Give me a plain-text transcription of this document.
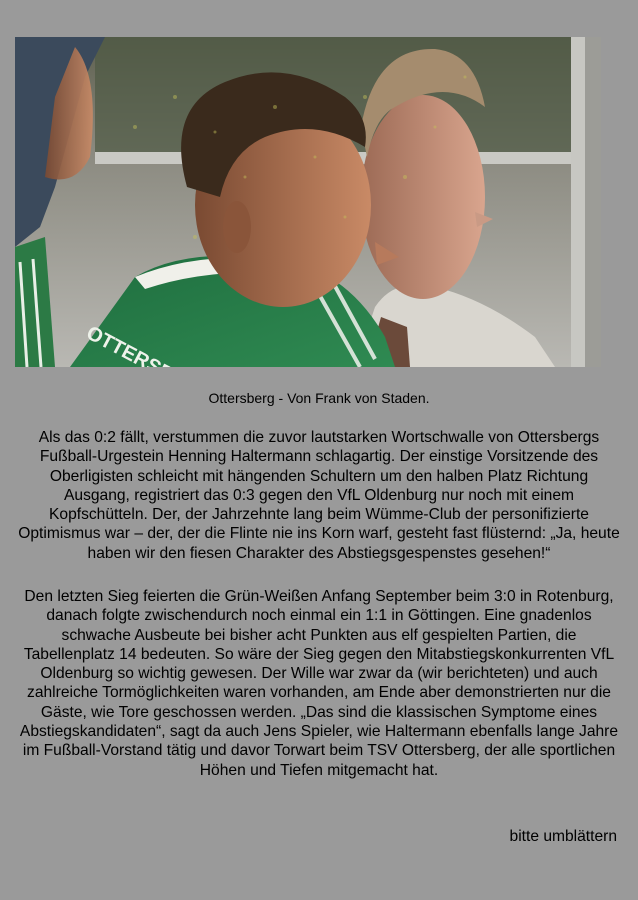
Ottersberg - Von Frank von Staden.

Als das 0:2 fällt, verstummen die zuvor lautstarken Wortschwalle von Ottersbergs Fußball-Urgestein Henning Haltermann schlagartig. Der einstige Vorsitzende des Oberligisten schleicht mit hängenden Schultern um den halben Platz Richtung Ausgang, registriert das 0:3 gegen den VfL Oldenburg nur noch mit einem Kopfschütteln. Der, der Jahrzehnte lang beim Wümme-Club der personifizierte Optimismus war – der, der die Flinte nie ins Korn warf, gesteht fast flüsternd: „Ja, heute haben wir den fiesen Charakter des Abstiegsgespenstes gesehen!“

Den letzten Sieg feierten die Grün-Weißen Anfang September beim 3:0 in Rotenburg, danach folgte zwischendurch noch einmal ein 1:1 in Göttingen. Eine gnadenlos schwache Ausbeute bei bisher acht Punkten aus elf gespielten Partien, die Tabellenplatz 14 bedeuten. So wäre der Sieg gegen den Mitabstiegskonkurrenten VfL Oldenburg so wichtig gewesen. Der Wille war zwar da (wir berichteten) und auch zahlreiche Tormöglichkeiten waren vorhanden, am Ende aber demonstrierten nur die Gäste, wie Tore geschossen werden. „Das sind die klassischen Symptome eines Abstiegskandidaten“, sagt da auch Jens Spieler, wie Haltermann ebenfalls lange Jahre im Fußball-Vorstand tätig und davor Torwart beim TSV Ottersberg, der alle sportlichen Höhen und Tiefen mitgemacht hat.

bitte umblättern
